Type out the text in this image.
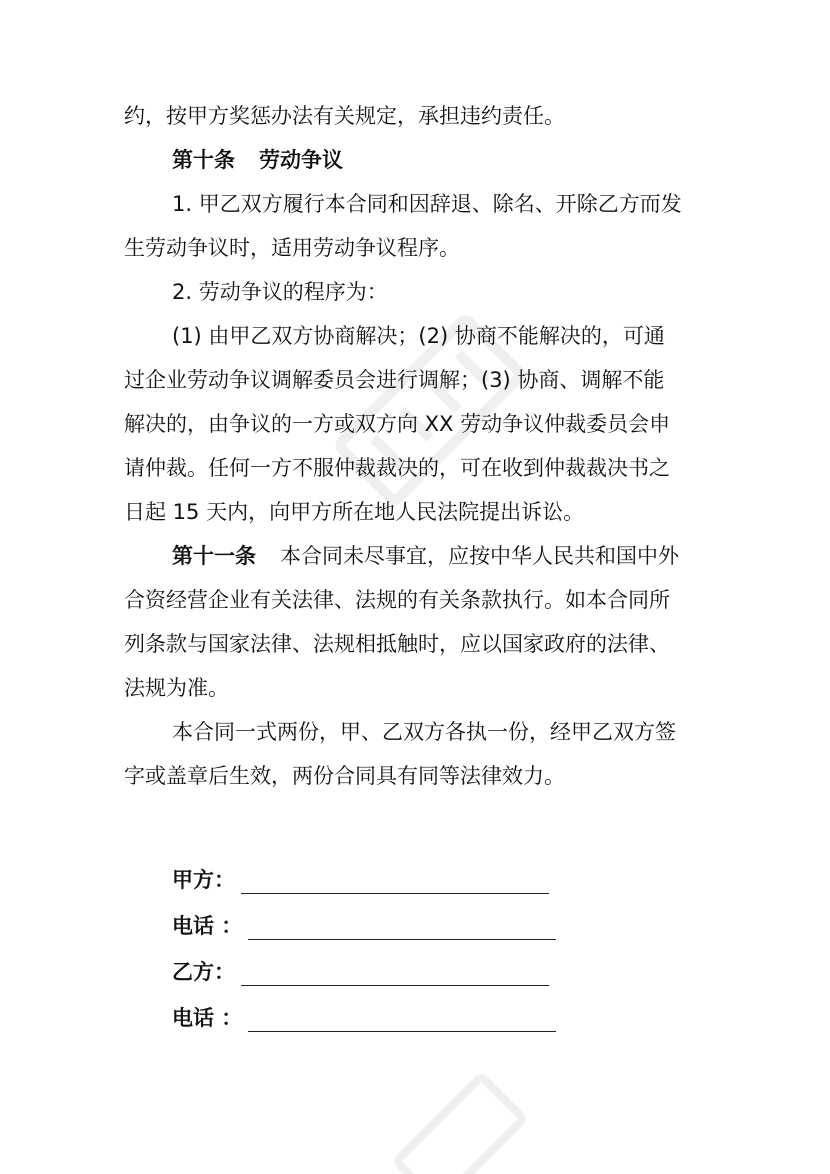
约，按甲方奖惩办法有关规定，承担违约责任。

第十条 劳动争议

1. 甲乙双方履行本合同和因辞退、除名、开除乙方而发

生劳动争议时，适用劳动争议程序。

2. 劳动争议的程序为：

(1) 由甲乙双方协商解决；(2) 协商不能解决的，可通

过企业劳动争议调解委员会进行调解；(3) 协商、调解不能

解决的，由争议的一方或双方向 XX 劳动争议仲裁委员会申

请仲裁。任何一方不服仲裁裁决的，可在收到仲裁裁决书之

日起 15 天内，向甲方所在地人民法院提出诉讼。

第十一条 本合同未尽事宜，应按中华人民共和国中外

合资经营企业有关法律、法规的有关条款执行。如本合同所

列条款与国家法律、法规相抵触时，应以国家政府的法律、

法规为准。

本合同一式两份，甲、乙双方各执一份，经甲乙双方签

字或盖章后生效，两份合同具有同等法律效力。

甲方：
电话 ：
乙方：
电话 ：
